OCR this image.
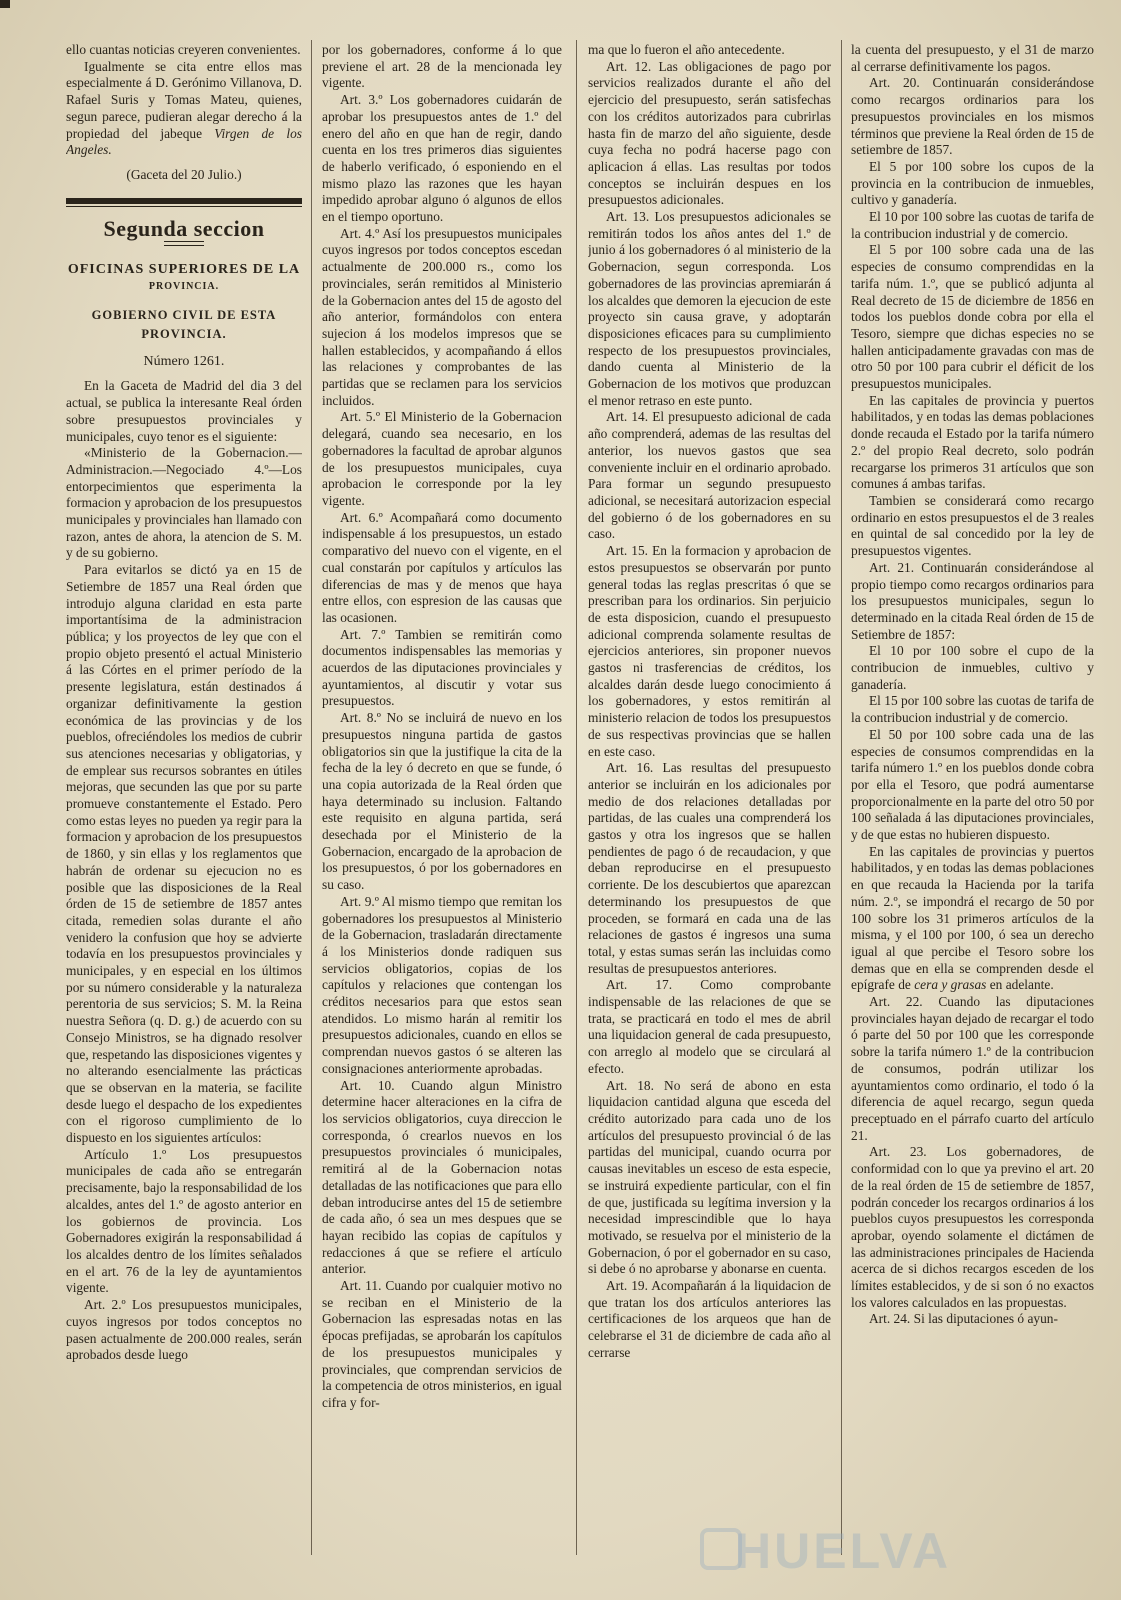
ello cuantas noticias creyeren convenientes.

Igualmente se cita entre ellos mas especialmente á D. Gerónimo Villanova, D. Rafael Suris y Tomas Mateu, quienes, segun parece, pudieran alegar derecho á la propiedad del jabeque Virgen de los Angeles.

(Gaceta del 20 Julio.)

Segunda seccion
OFICINAS SUPERIORES DE LA
PROVINCIA.
GOBIERNO CIVIL DE ESTA PROVINCIA.
Número 1261.

En la Gaceta de Madrid del dia 3 del actual, se publica la interesante Real órden sobre presupuestos provinciales y municipales, cuyo tenor es el siguiente:

«Ministerio de la Gobernacion.—Administracion.—Negociado 4.º—Los entorpecimientos que esperimenta la formacion y aprobacion de los presupuestos municipales y provinciales han llamado con razon, antes de ahora, la atencion de S. M. y de su gobierno.

Para evitarlos se dictó ya en 15 de Setiembre de 1857 una Real órden que introdujo alguna claridad en esta parte importantísima de la administracion pública; y los proyectos de ley que con el propio objeto presentó el actual Ministerio á las Córtes en el primer período de la presente legislatura, están destinados á organizar definitivamente la gestion económica de las provincias y de los pueblos, ofreciéndoles los medios de cubrir sus atenciones necesarias y obligatorias, y de emplear sus recursos sobrantes en útiles mejoras, que secunden las que por su parte promueve constantemente el Estado. Pero como estas leyes no pueden ya regir para la formacion y aprobacion de los presupuestos de 1860, y sin ellas y los reglamentos que habrán de ordenar su ejecucion no es posible que las disposiciones de la Real órden de 15 de setiembre de 1857 antes citada, remedien solas durante el año venidero la confusion que hoy se advierte todavía en los presupuestos provinciales y municipales, y en especial en los últimos por su número considerable y la naturaleza perentoria de sus servicios; S. M. la Reina nuestra Señora (q. D. g.) de acuerdo con su Consejo Ministros, se ha dignado resolver que, respetando las disposiciones vigentes y no alterando esencialmente las prácticas que se observan en la materia, se facilite desde luego el despacho de los expedientes con el rigoroso cumplimiento de lo dispuesto en los siguientes artículos:

Artículo 1.º Los presupuestos municipales de cada año se entregarán precisamente, bajo la responsabilidad de los alcaldes, antes del 1.º de agosto anterior en los gobiernos de provincia. Los Gobernadores exigirán la responsabilidad á los alcaldes dentro de los límites señalados en el art. 76 de la ley de ayuntamientos vigente.

Art. 2.º Los presupuestos municipales, cuyos ingresos por todos conceptos no pasen actualmente de 200.000 reales, serán aprobados desde luego

por los gobernadores, conforme á lo que previene el art. 28 de la mencionada ley vigente.

Art. 3.º Los gobernadores cuidarán de aprobar los presupuestos antes de 1.º del enero del año en que han de regir, dando cuenta en los tres primeros dias siguientes de haberlo verificado, ó esponiendo en el mismo plazo las razones que les hayan impedido aprobar alguno ó algunos de ellos en el tiempo oportuno.

Art. 4.º Así los presupuestos municipales cuyos ingresos por todos conceptos escedan actualmente de 200.000 rs., como los provinciales, serán remitidos al Ministerio de la Gobernacion antes del 15 de agosto del año anterior, formándolos con entera sujecion á los modelos impresos que se hallen establecidos, y acompañando á ellos las relaciones y comprobantes de las partidas que se reclamen para los servicios incluidos.

Art. 5.º El Ministerio de la Gobernacion delegará, cuando sea necesario, en los gobernadores la facultad de aprobar algunos de los presupuestos municipales, cuya aprobacion le corresponde por la ley vigente.

Art. 6.º Acompañará como documento indispensable á los presupuestos, un estado comparativo del nuevo con el vigente, en el cual constarán por capítulos y artículos las diferencias de mas y de menos que haya entre ellos, con espresion de las causas que las ocasionen.

Art. 7.º Tambien se remitirán como documentos indispensables las memorias y acuerdos de las diputaciones provinciales y ayuntamientos, al discutir y votar sus presupuestos.

Art. 8.º No se incluirá de nuevo en los presupuestos ninguna partida de gastos obligatorios sin que la justifique la cita de la fecha de la ley ó decreto en que se funde, ó una copia autorizada de la Real órden que haya determinado su inclusion. Faltando este requisito en alguna partida, será desechada por el Ministerio de la Gobernacion, encargado de la aprobacion de los presupuestos, ó por los gobernadores en su caso.

Art. 9.º Al mismo tiempo que remitan los gobernadores los presupuestos al Ministerio de la Gobernacion, trasladarán directamente á los Ministerios donde radiquen sus servicios obligatorios, copias de los capítulos y relaciones que contengan los créditos necesarios para que estos sean atendidos. Lo mismo harán al remitir los presupuestos adicionales, cuando en ellos se comprendan nuevos gastos ó se alteren las consignaciones anteriormente aprobadas.

Art. 10. Cuando algun Ministro determine hacer alteraciones en la cifra de los servicios obligatorios, cuya direccion le corresponda, ó crearlos nuevos en los presupuestos provinciales ó municipales, remitirá al de la Gobernacion notas detalladas de las notificaciones que para ello deban introducirse antes del 15 de setiembre de cada año, ó sea un mes despues que se hayan recibido las copias de capítulos y redacciones á que se refiere el artículo anterior.

Art. 11. Cuando por cualquier motivo no se reciban en el Ministerio de la Gobernacion las espresadas notas en las épocas prefijadas, se aprobarán los capítulos de los presupuestos municipales y provinciales, que comprendan servicios de la competencia de otros ministerios, en igual cifra y for-

ma que lo fueron el año antecedente.

Art. 12. Las obligaciones de pago por servicios realizados durante el año del ejercicio del presupuesto, serán satisfechas con los créditos autorizados para cubrirlas hasta fin de marzo del año siguiente, desde cuya fecha no podrá hacerse pago con aplicacion á ellas. Las resultas por todos conceptos se incluirán despues en los presupuestos adicionales.

Art. 13. Los presupuestos adicionales se remitirán todos los años antes del 1.º de junio á los gobernadores ó al ministerio de la Gobernacion, segun corresponda. Los gobernadores de las provincias apremiarán á los alcaldes que demoren la ejecucion de este proyecto sin causa grave, y adoptarán disposiciones eficaces para su cumplimiento respecto de los presupuestos provinciales, dando cuenta al Ministerio de la Gobernacion de los motivos que produzcan el menor retraso en este punto.

Art. 14. El presupuesto adicional de cada año comprenderá, ademas de las resultas del anterior, los nuevos gastos que sea conveniente incluir en el ordinario aprobado. Para formar un segundo presupuesto adicional, se necesitará autorizacion especial del gobierno ó de los gobernadores en su caso.

Art. 15. En la formacion y aprobacion de estos presupuestos se observarán por punto general todas las reglas prescritas ó que se prescriban para los ordinarios. Sin perjuicio de esta disposicion, cuando el presupuesto adicional comprenda solamente resultas de ejercicios anteriores, sin proponer nuevos gastos ni trasferencias de créditos, los alcaldes darán desde luego conocimiento á los gobernadores, y estos remitirán al ministerio relacion de todos los presupuestos de sus respectivas provincias que se hallen en este caso.

Art. 16. Las resultas del presupuesto anterior se incluirán en los adicionales por medio de dos relaciones detalladas por partidas, de las cuales una comprenderá los gastos y otra los ingresos que se hallen pendientes de pago ó de recaudacion, y que deban reproducirse en el presupuesto corriente. De los descubiertos que aparezcan determinando los presupuestos de que proceden, se formará en cada una de las relaciones de gastos é ingresos una suma total, y estas sumas serán las incluidas como resultas de presupuestos anteriores.

Art. 17. Como comprobante indispensable de las relaciones de que se trata, se practicará en todo el mes de abril una liquidacion general de cada presupuesto, con arreglo al modelo que se circulará al efecto.

Art. 18. No será de abono en esta liquidacion cantidad alguna que esceda del crédito autorizado para cada uno de los artículos del presupuesto provincial ó de las partidas del municipal, cuando ocurra por causas inevitables un esceso de esta especie, se instruirá expediente particular, con el fin de que, justificada su legítima inversion y la necesidad imprescindible que lo haya motivado, se resuelva por el ministerio de la Gobernacion, ó por el gobernador en su caso, si debe ó no aprobarse y abonarse en cuenta.

Art. 19. Acompañarán á la liquidacion de que tratan los dos artículos anteriores las certificaciones de los arqueos que han de celebrarse el 31 de diciembre de cada año al cerrarse

la cuenta del presupuesto, y el 31 de marzo al cerrarse definitivamente los pagos.

Art. 20. Continuarán considerándose como recargos ordinarios para los presupuestos provinciales en los mismos términos que previene la Real órden de 15 de setiembre de 1857.

El 5 por 100 sobre los cupos de la provincia en la contribucion de inmuebles, cultivo y ganadería.

El 10 por 100 sobre las cuotas de tarifa de la contribucion industrial y de comercio.

El 5 por 100 sobre cada una de las especies de consumo comprendidas en la tarifa núm. 1.º, que se publicó adjunta al Real decreto de 15 de diciembre de 1856 en todos los pueblos donde cobra por ella el Tesoro, siempre que dichas especies no se hallen anticipadamente gravadas con mas de otro 50 por 100 para cubrir el déficit de los presupuestos municipales.

En las capitales de provincia y puertos habilitados, y en todas las demas poblaciones donde recauda el Estado por la tarifa número 2.º del propio Real decreto, solo podrán recargarse los primeros 31 artículos que son comunes á ambas tarifas.

Tambien se considerará como recargo ordinario en estos presupuestos el de 3 reales en quintal de sal concedido por la ley de presupuestos vigentes.

Art. 21. Continuarán considerándose al propio tiempo como recargos ordinarios para los presupuestos municipales, segun lo determinado en la citada Real órden de 15 de Setiembre de 1857:

El 10 por 100 sobre el cupo de la contribucion de inmuebles, cultivo y ganadería.

El 15 por 100 sobre las cuotas de tarifa de la contribucion industrial y de comercio.

El 50 por 100 sobre cada una de las especies de consumos comprendidas en la tarifa número 1.º en los pueblos donde cobra por ella el Tesoro, que podrá aumentarse proporcionalmente en la parte del otro 50 por 100 señalada á las diputaciones provinciales, y de que estas no hubieren dispuesto.

En las capitales de provincias y puertos habilitados, y en todas las demas poblaciones en que recauda la Hacienda por la tarifa núm. 2.º, se impondrá el recargo de 50 por 100 sobre los 31 primeros artículos de la misma, y el 100 por 100, ó sea un derecho igual al que percibe el Tesoro sobre los demas que en ella se comprenden desde el epígrafe de cera y grasas en adelante.

Art. 22. Cuando las diputaciones provinciales hayan dejado de recargar el todo ó parte del 50 por 100 que les corresponde sobre la tarifa número 1.º de la contribucion de consumos, podrán utilizar los ayuntamientos como ordinario, el todo ó la diferencia de aquel recargo, segun queda preceptuado en el párrafo cuarto del artículo 21.

Art. 23. Los gobernadores, de conformidad con lo que ya previno el art. 20 de la real órden de 15 de setiembre de 1857, podrán conceder los recargos ordinarios á los pueblos cuyos presupuestos les corresponda aprobar, oyendo solamente el dictámen de las administraciones principales de Hacienda acerca de si dichos recargos esceden de los límites establecidos, y de si son ó no exactos los valores calculados en las propuestas.

Art. 24. Si las diputaciones ó ayun-

HUELVA
